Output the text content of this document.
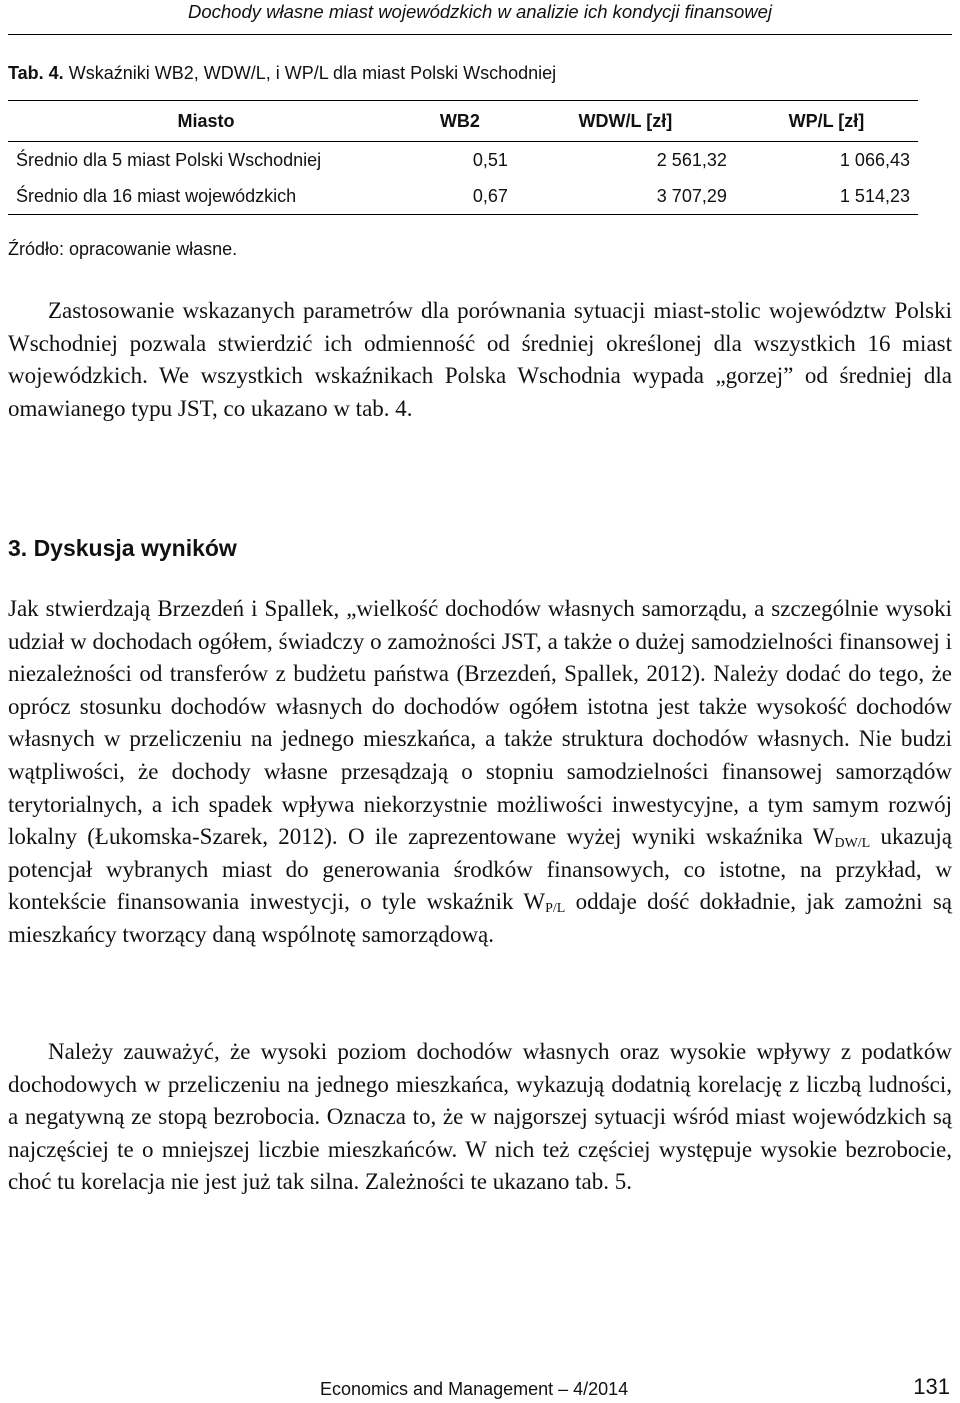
Dochody własne miast wojewódzkich w analizie ich kondycji finansowej
Tab. 4. Wskaźniki WB2, WDW/L, i WP/L dla miast Polski Wschodniej
Miasto	WB2	WDW/L [zł]	WP/L [zł]
Średnio dla 5 miast Polski Wschodniej	0,51	2 561,32	1 066,43
Średnio dla 16 miast wojewódzkich	0,67	3 707,29	1 514,23
Źródło: opracowanie własne.

Zastosowanie wskazanych parametrów dla porównania sytuacji miast-stolic województw Polski Wschodniej pozwala stwierdzić ich odmienność od średniej określonej dla wszystkich 16 miast wojewódzkich. We wszystkich wskaźnikach Polska Wschodnia wypada „gorzej” od średniej dla omawianego typu JST, co ukazano w tab. 4.

3. Dyskusja wyników

Jak stwierdzają Brzezdeń i Spallek, „wielkość dochodów własnych samorządu, a szczególnie wysoki udział w dochodach ogółem, świadczy o zamożności JST, a także o dużej samodzielności finansowej i niezależności od transferów z budżetu państwa (Brzezdeń, Spallek, 2012). Należy dodać do tego, że oprócz stosunku dochodów własnych do dochodów ogółem istotna jest także wysokość dochodów własnych w przeliczeniu na jednego mieszkańca, a także struktura dochodów własnych. Nie budzi wątpliwości, że dochody własne przesądzają o stopniu samodzielności finansowej samorządów terytorialnych, a ich spadek wpływa niekorzystnie możliwości inwestycyjne, a tym samym rozwój lokalny (Łukomska-Szarek, 2012). O ile zaprezentowane wyżej wyniki wskaźnika $W_{DW/L}$ ukazują potencjał wybranych miast do generowania środków finansowych, co istotne, na przykład, w kontekście finansowania inwestycji, o tyle wskaźnik $W_{P/L}$ oddaje dość dokładnie, jak zamożni są mieszkańcy tworzący daną wspólnotę samorządową.

Należy zauważyć, że wysoki poziom dochodów własnych oraz wysokie wpływy z podatków dochodowych w przeliczeniu na jednego mieszkańca, wykazują dodatnią korelację z liczbą ludności, a negatywną ze stopą bezrobocia. Oznacza to, że w najgorszej sytuacji wśród miast wojewódzkich są najczęściej te o mniejszej liczbie mieszkańców. W nich też częściej występuje wysokie bezrobocie, choć tu korelacja nie jest już tak silna. Zależności te ukazano tab. 5.

Economics and Management – 4/2014	131
